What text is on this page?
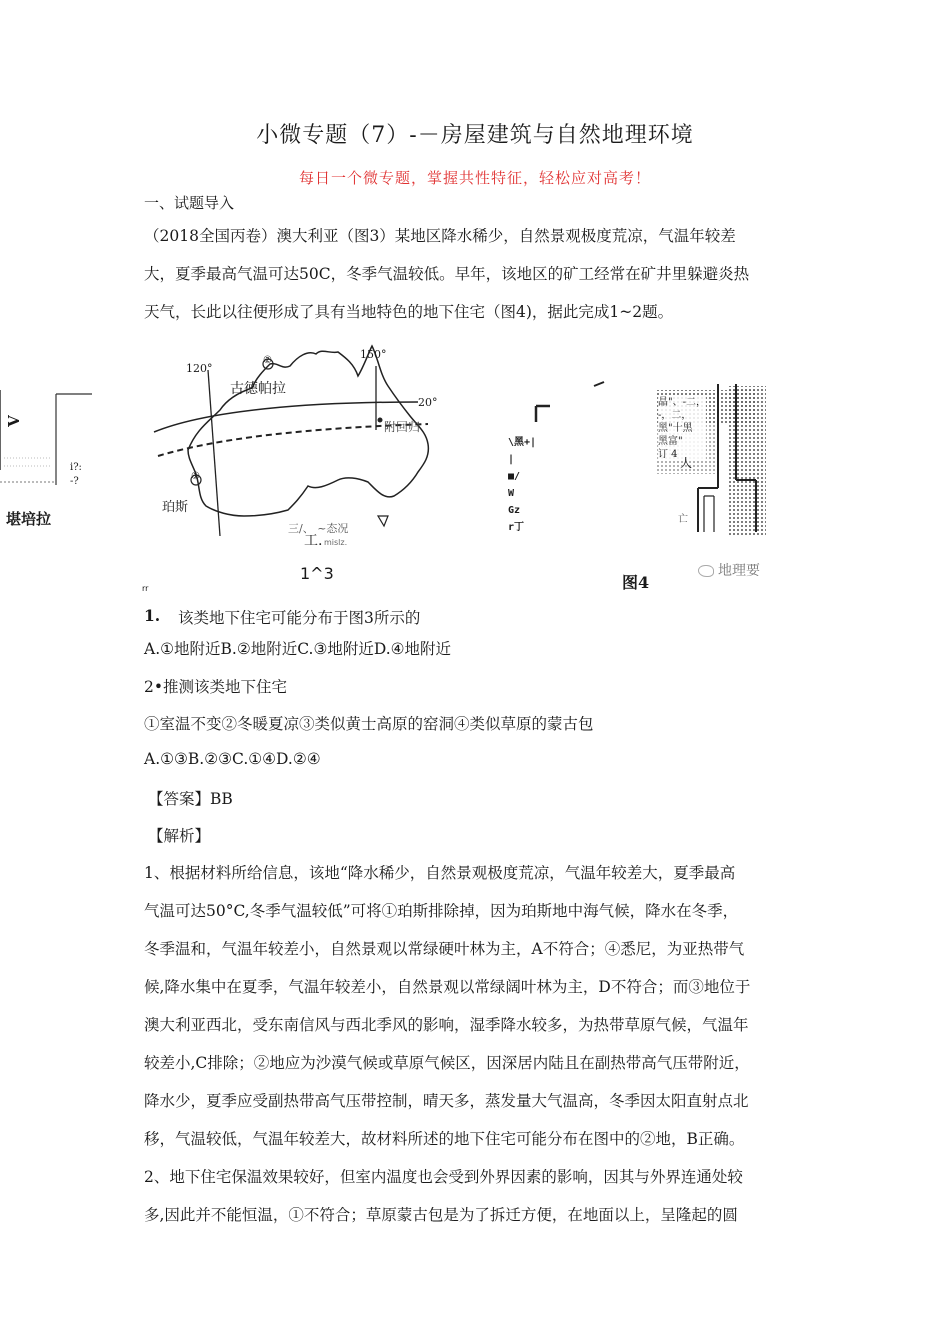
小微专题（7）-－房屋建筑与自然地理环境
每日一个微专题，掌握共性特征，轻松应对高考！
一、试题导入
（2018全国丙卷）澳大利亚（图3）某地区降水稀少，自然景观极度荒凉，气温年较差
大，夏季最高气温可达50C，冬季气温较低。早年，该地区的矿工经常在矿井里躲避炎热
天气，长此以往便形成了具有当地特色的地下住宅（图4)，据此完成1~2题。
V
i?:
-?
堪培拉
120°
150°
20°
古德帕拉
附回归
珀斯
①
②
三/、 ~态况
工. mislz.
1^3
rr
\黑+|
|
■/
W
Gz
r丁
晶"、-二，
-，二，
黑"十黑
黑富"
订 4
人
亡
图4
地理要
1. 该类地下住宅可能分布于图3所示的
A.①地附近B.②地附近C.③地附近D.④地附近
2•推测该类地下住宅
①室温不变②冬暖夏凉③类似黄士高原的窑洞④类似草原的蒙古包
A.①③B.②③C.①④D.②④
【答案】BB
【解析】
1、根据材料所给信息，该地“降水稀少，自然景观极度荒凉，气温年较差大，夏季最高
气温可达50°C,冬季气温较低”可将①珀斯排除掉，因为珀斯地中海气候，降水在冬季，
冬季温和，气温年较差小，自然景观以常绿硬叶林为主，A不符合；④悉尼，为亚热带气
候,降水集中在夏季，气温年较差小，自然景观以常绿阔叶林为主，D不符合；而③地位于
澳大利亚西北，受东南信风与西北季风的影响，湿季降水较多，为热带草原气候，气温年
较差小,C排除；②地应为沙漠气候或草原气候区，因深居内陆且在副热带高气压带附近，
降水少，夏季应受副热带高气压带控制，晴天多，蒸发量大气温高，冬季因太阳直射点北
移，气温较低，气温年较差大，故材料所述的地下住宅可能分布在图中的②地，B正确。
2、地下住宅保温效果较好，但室内温度也会受到外界因素的影响，因其与外界连通处较
多,因此并不能恒温，①不符合；草原蒙古包是为了拆迁方便，在地面以上，呈隆起的圆
